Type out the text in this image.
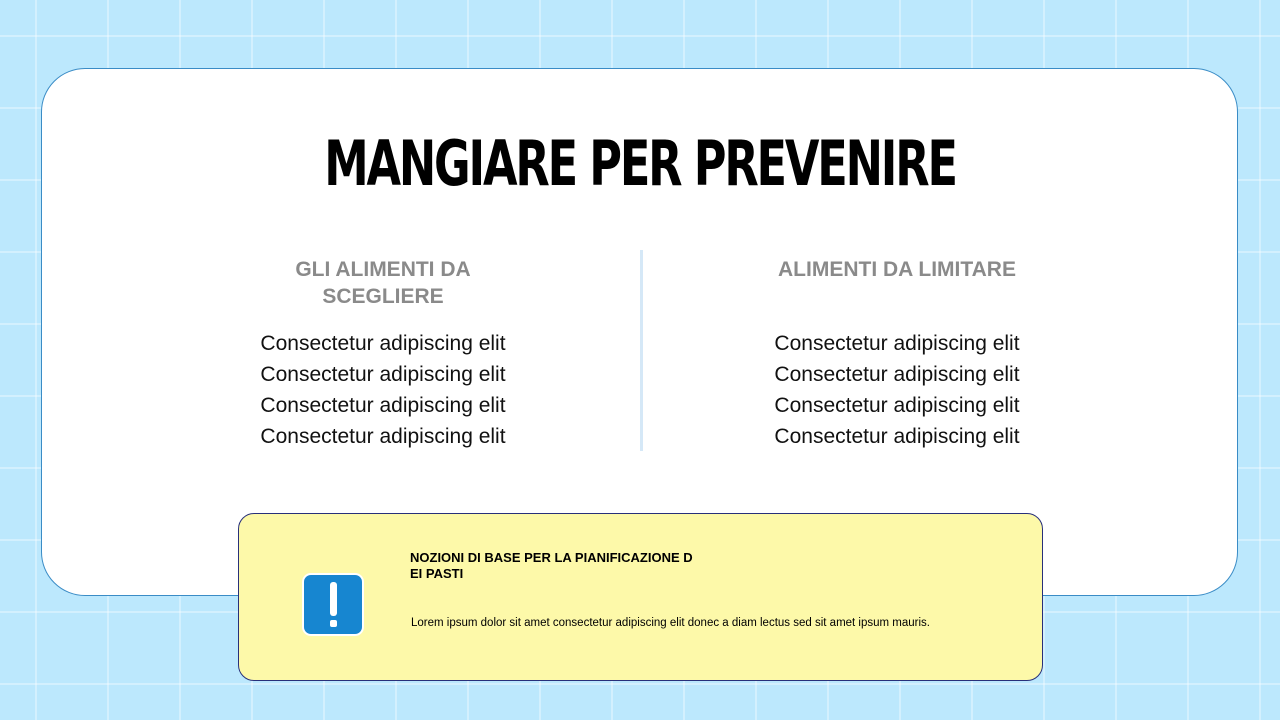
MANGIARE PER PREVENIRE
GLI ALIMENTI DA SCEGLIERE
Consectetur adipiscing elit
Consectetur adipiscing elit
Consectetur adipiscing elit
Consectetur adipiscing elit
ALIMENTI DA LIMITARE
Consectetur adipiscing elit
Consectetur adipiscing elit
Consectetur adipiscing elit
Consectetur adipiscing elit
NOZIONI DI BASE PER LA PIANIFICAZIONE DEI PASTI
Lorem ipsum dolor sit amet consectetur adipiscing elit donec a diam lectus sed sit amet ipsum mauris.
